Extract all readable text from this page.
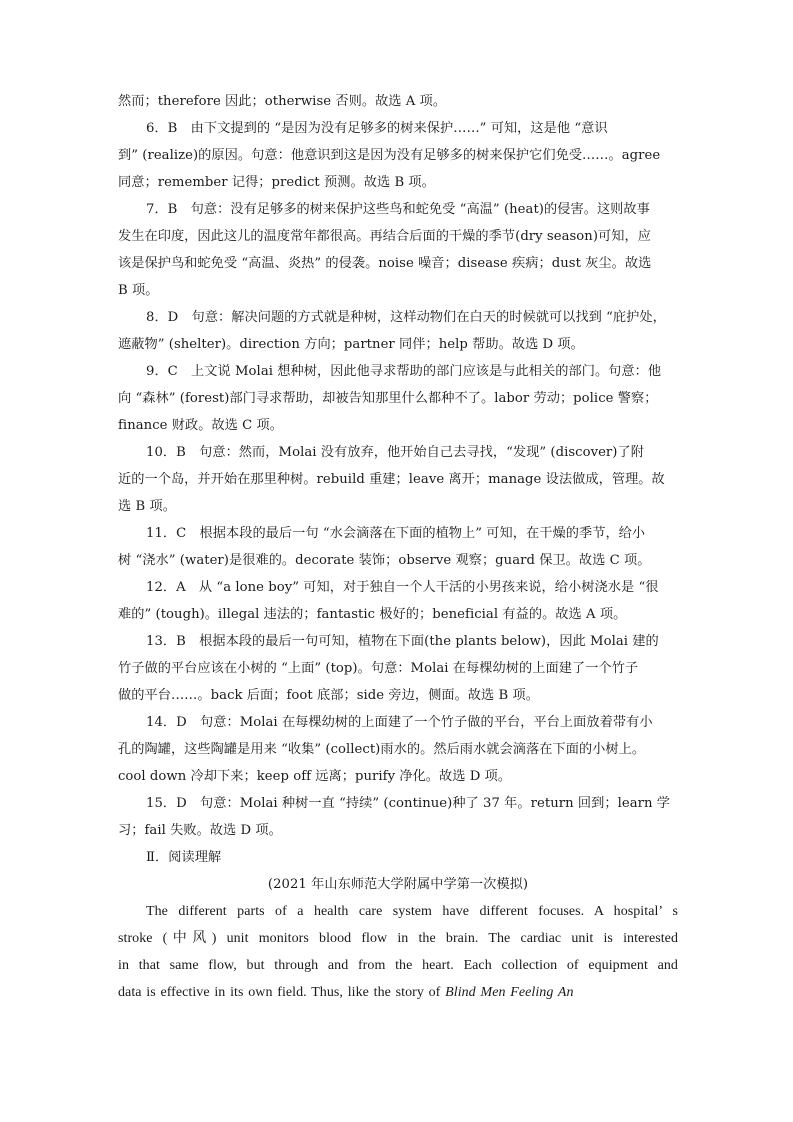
然而；therefore 因此；otherwise 否则。故选 A 项。
6．B　由下文提到的 “是因为没有足够多的树来保护……” 可知，这是他 “意识
到” (realize)的原因。句意：他意识到这是因为没有足够多的树来保护它们免受……。agree
同意；remember 记得；predict 预测。故选 B 项。
7．B　句意：没有足够多的树来保护这些鸟和蛇免受 “高温” (heat)的侵害。这则故事
发生在印度，因此这儿的温度常年都很高。再结合后面的干燥的季节(dry season)可知，应
该是保护鸟和蛇免受 “高温、炎热” 的侵袭。noise 噪音；disease 疾病；dust 灰尘。故选
B 项。
8．D　句意：解决问题的方式就是种树，这样动物们在白天的时候就可以找到 “庇护处，
遮蔽物” (shelter)。direction 方向；partner 同伴；help 帮助。故选 D 项。
9．C　上文说 Molai 想种树，因此他寻求帮助的部门应该是与此相关的部门。句意：他
向 “森林” (forest)部门寻求帮助，却被告知那里什么都种不了。labor 劳动；police 警察；
finance 财政。故选 C 项。
10．B　句意：然而，Molai 没有放弃，他开始自己去寻找，“发现” (discover)了附
近的一个岛，并开始在那里种树。rebuild 重建；leave 离开；manage 设法做成，管理。故
选 B 项。
11．C　根据本段的最后一句 “水会滴落在下面的植物上” 可知，在干燥的季节，给小
树 “浇水” (water)是很难的。decorate 装饰；observe 观察；guard 保卫。故选 C 项。
12．A　从 “a lone boy” 可知，对于独自一个人干活的小男孩来说，给小树浇水是 “很
难的” (tough)。illegal 违法的；fantastic 极好的；beneficial 有益的。故选 A 项。
13．B　根据本段的最后一句可知，植物在下面(the plants below)，因此 Molai 建的
竹子做的平台应该在小树的 “上面” (top)。句意：Molai 在每棵幼树的上面建了一个竹子
做的平台……。back 后面；foot 底部；side 旁边，侧面。故选 B 项。
14．D　句意：Molai 在每棵幼树的上面建了一个竹子做的平台，平台上面放着带有小
孔的陶罐，这些陶罐是用来 “收集” (collect)雨水的。然后雨水就会滴落在下面的小树上。
cool down 冷却下来；keep off 远离；purify 净化。故选 D 项。
15．D　句意：Molai 种树一直 “持续” (continue)种了 37 年。return 回到；learn 学
习；fail 失败。故选 D 项。
Ⅱ．阅读理解
(2021 年山东师范大学附属中学第一次模拟)
The different parts of a health care system have different focuses. A hospital’ s
stroke (中风) unit monitors blood flow in the brain. The cardiac unit is interested
in that same flow, but through and from the heart. Each collection of equipment and
data is effective in its own field. Thus, like the story of Blind Men Feeling An
